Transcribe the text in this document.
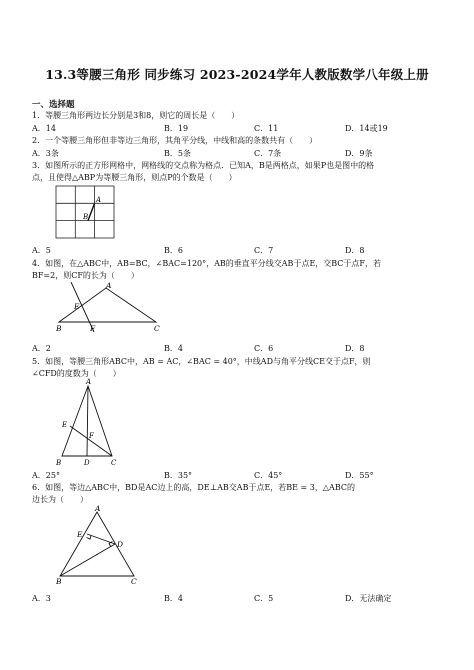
13.3等腰三角形 同步练习 2023-2024学年人教版数学八年级上册
一、选择题
1．等腰三角形两边长分别是3和8，则它的周长是（　　）
A．14	B．19	C．11	D．14或19
2．一个等腰三角形但非等边三角形，其角平分线，中线和高的条数共有（　　）
A．3条	B．5条	C．7条	D．9条
3．如图所示的正方形网格中，网格线的交点称为格点．已知A，B是两格点，如果P也是图中的格
点，且使得△ABP为等腰三角形，则点P的个数是（　　）
A
B
A．5	B．6	C．7	D．8
4．如图，在△ABC中，AB=BC，∠BAC=120°，AB的垂直平分线交AB于点E，交BC于点F，若
BF=2，则CF的长为（　　）
A
E
B	F	C
A．2	B．4	C．6	D．8
5．如图，等腰三角形ABC中，AB = AC，∠BAC = 40°，中线AD与角平分线CE交于点F，则
∠CFD的度数为（　　）
A
E
F
B	D	C
A．25°	B．35°	C．45°	D．55°
6．如图，等边△ABC中，BD是AC边上的高，DE⊥AB交AB于点E，若BE = 3，△ABC的
边长为（　　）
A
E
D
B	C
A．3	B．4	C．5	D．无法确定
